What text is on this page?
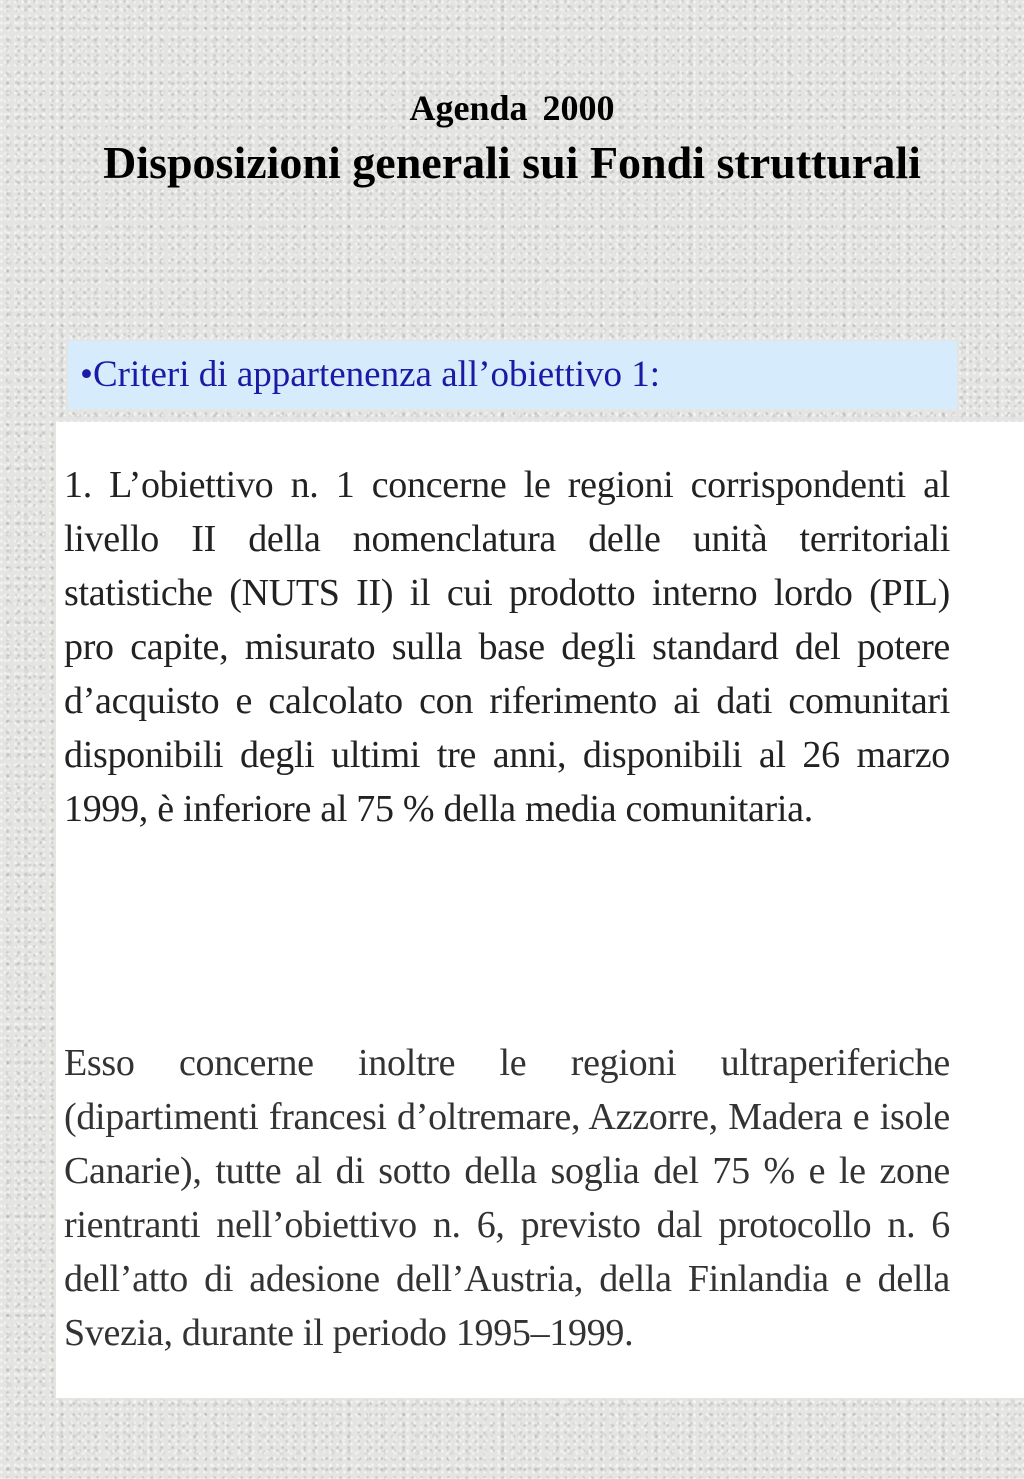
Agenda 2000
Disposizioni generali sui Fondi strutturali
•Criteri di appartenenza all’obiettivo 1:

1. L’obiettivo n. 1 concerne le regioni corrispondenti al livello II della nomenclatura delle unità territoriali statistiche (NUTS II) il cui prodotto interno lordo (PIL) pro capite, misurato sulla base degli standard del potere d’acquisto e calcolato con riferimento ai dati comunitari disponibili degli ultimi tre anni, disponibili al 26 marzo 1999, è inferiore al 75 % della media comunitaria.

Esso concerne inoltre le regioni ultraperiferiche (dipartimenti francesi d’oltremare, Azzorre, Madera e isole Canarie), tutte al di sotto della soglia del 75 % e le zone rientranti nell’obiettivo n. 6, previsto dal protocollo n. 6 dell’atto di adesione dell’Austria, della Finlandia e della Svezia, durante il periodo 1995–1999.
